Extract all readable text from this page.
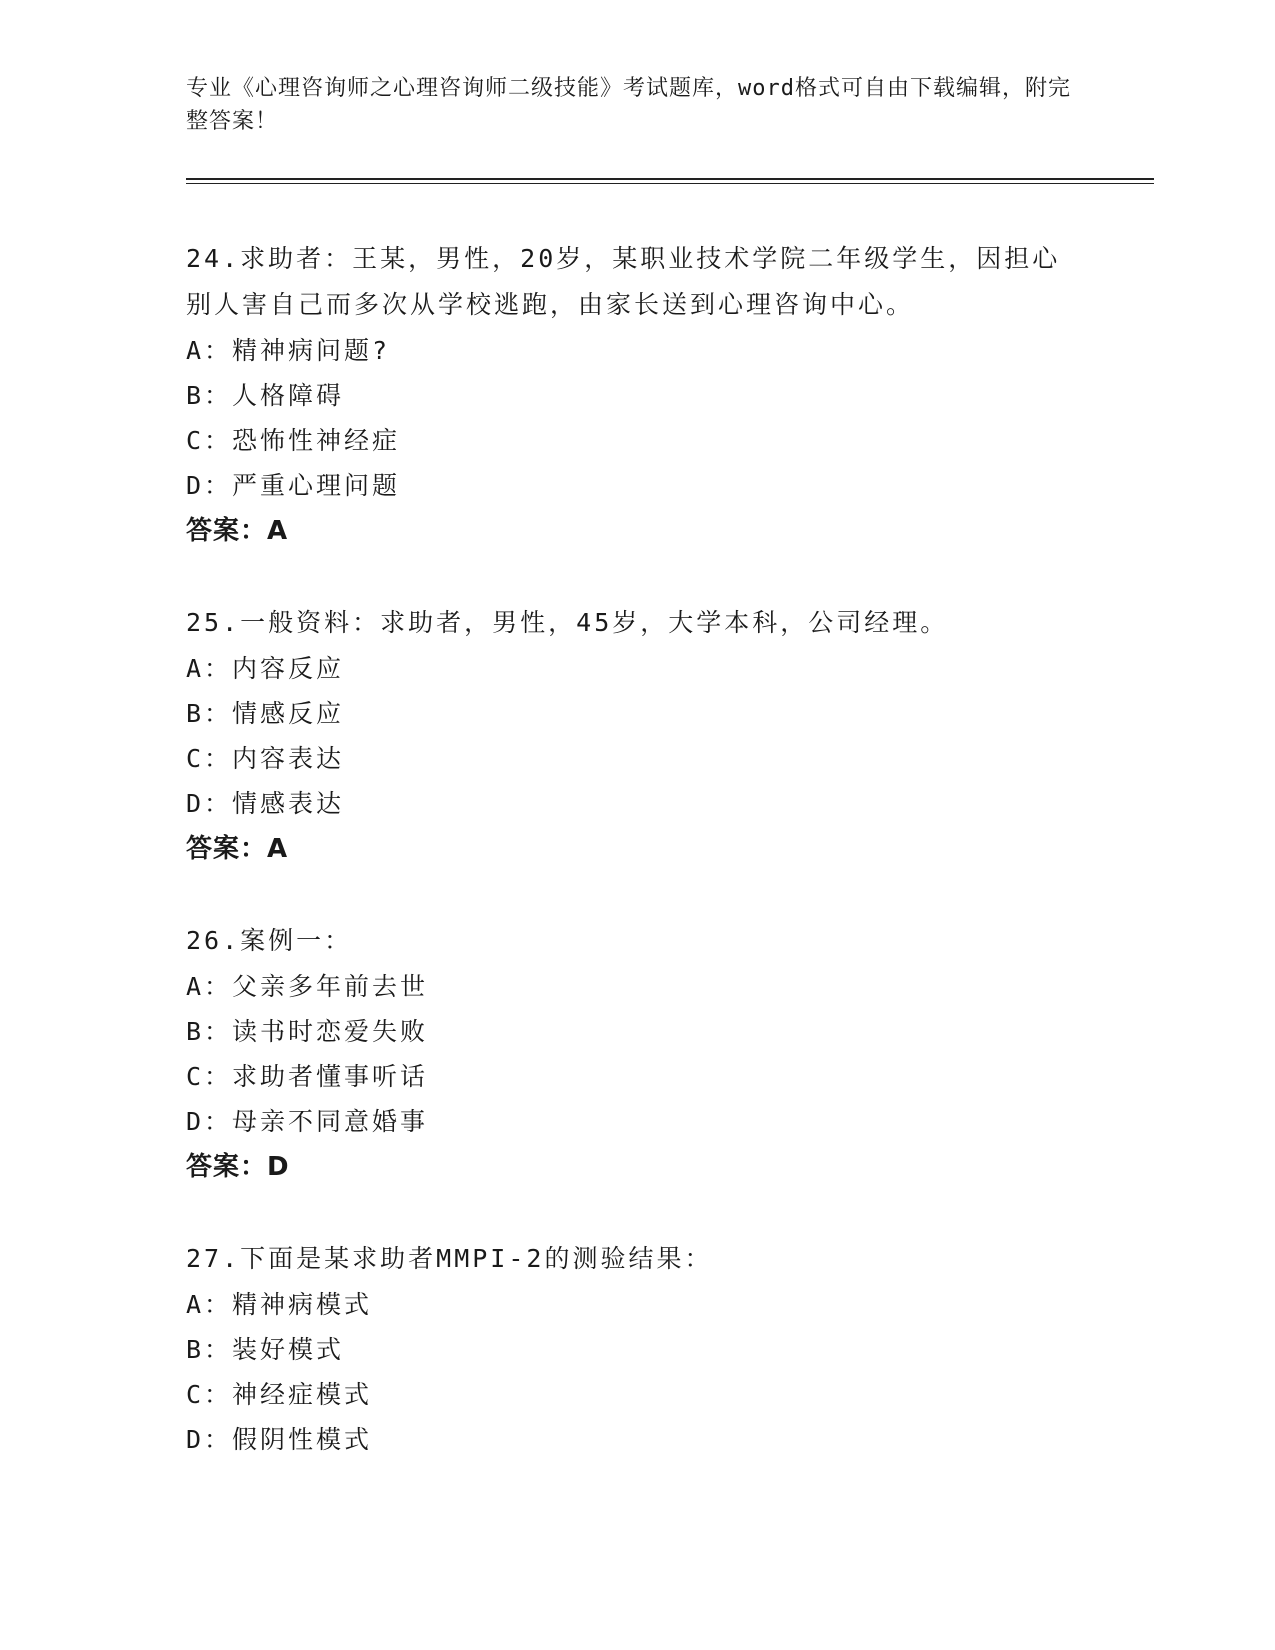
专业《心理咨询师之心理咨询师二级技能》考试题库，word格式可自由下载编辑，附完整答案！
24.求助者：王某，男性，20岁，某职业技术学院二年级学生，因担心别人害自己而多次从学校逃跑，由家长送到心理咨询中心。
A：精神病问题?
B：人格障碍
C：恐怖性神经症
D：严重心理问题
答案：A
25.一般资料：求助者，男性，45岁，大学本科，公司经理。
A：内容反应
B：情感反应
C：内容表达
D：情感表达
答案：A
26.案例一：
A：父亲多年前去世
B：读书时恋爱失败
C：求助者懂事听话
D：母亲不同意婚事
答案：D
27.下面是某求助者MMPI-2的测验结果：
A：精神病模式
B：装好模式
C：神经症模式
D：假阴性模式
